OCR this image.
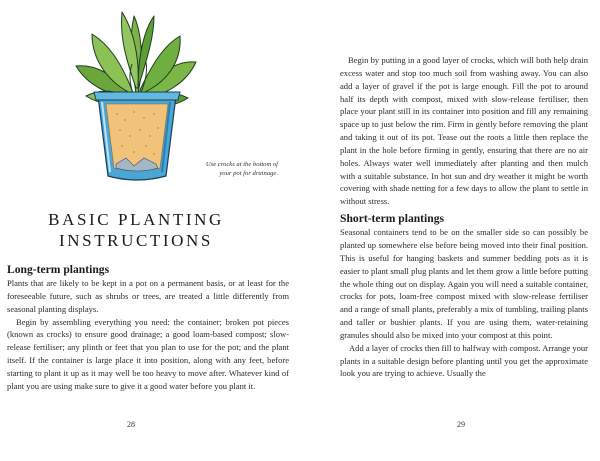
Use crocks at the bottom of your pot for drainage.
BASIC PLANTING
INSTRUCTIONS
Long-term plantings

Plants that are likely to be kept in a pot on a permanent basis, or at least for the foreseeable future, such as shrubs or trees, are treated a little differently from seasonal planting displays.

Begin by assembling everything you need: the container; broken pot pieces (known as crocks) to ensure good drainage; a good loam-based compost; slow-release fertiliser; any plinth or feet that you plan to use for the pot; and the plant itself. If the container is large place it into position, along with any feet, before starting to plant it up as it may well be too heavy to move after. Whatever kind of plant you are using make sure to give it a good water before you plant it.

28

Begin by putting in a good layer of crocks, which will both help drain excess water and stop too much soil from washing away. You can also add a layer of gravel if the pot is large enough. Fill the pot to around half its depth with compost, mixed with slow-release fertiliser, then place your plant still in its container into position and fill any remaining space up to just below the rim. Firm in gently before removing the plant and taking it out of its pot. Tease out the roots a little then replace the plant in the hole before firming in gently, ensuring that there are no air holes. Always water well immediately after planting and then mulch with a suitable substance. In hot sun and dry weather it might be worth covering with shade netting for a few days to allow the plant to settle in without stress.

Short-term plantings

Seasonal containers tend to be on the smaller side so can possibly be planted up somewhere else before being moved into their final position. This is useful for hanging baskets and summer bedding pots as it is easier to plant small plug plants and let them grow a little before putting the whole thing out on display. Again you will need a suitable container, crocks for pots, loam-free compost mixed with slow-release fertiliser and a range of small plants, preferably a mix of tumbling, trailing plants and taller or bushier plants. If you are using them, water-retaining granules should also be mixed into your compost at this point.

Add a layer of crocks then fill to halfway with compost. Arrange your plants in a suitable design before planting until you get the approximate look you are trying to achieve. Usually the

29
